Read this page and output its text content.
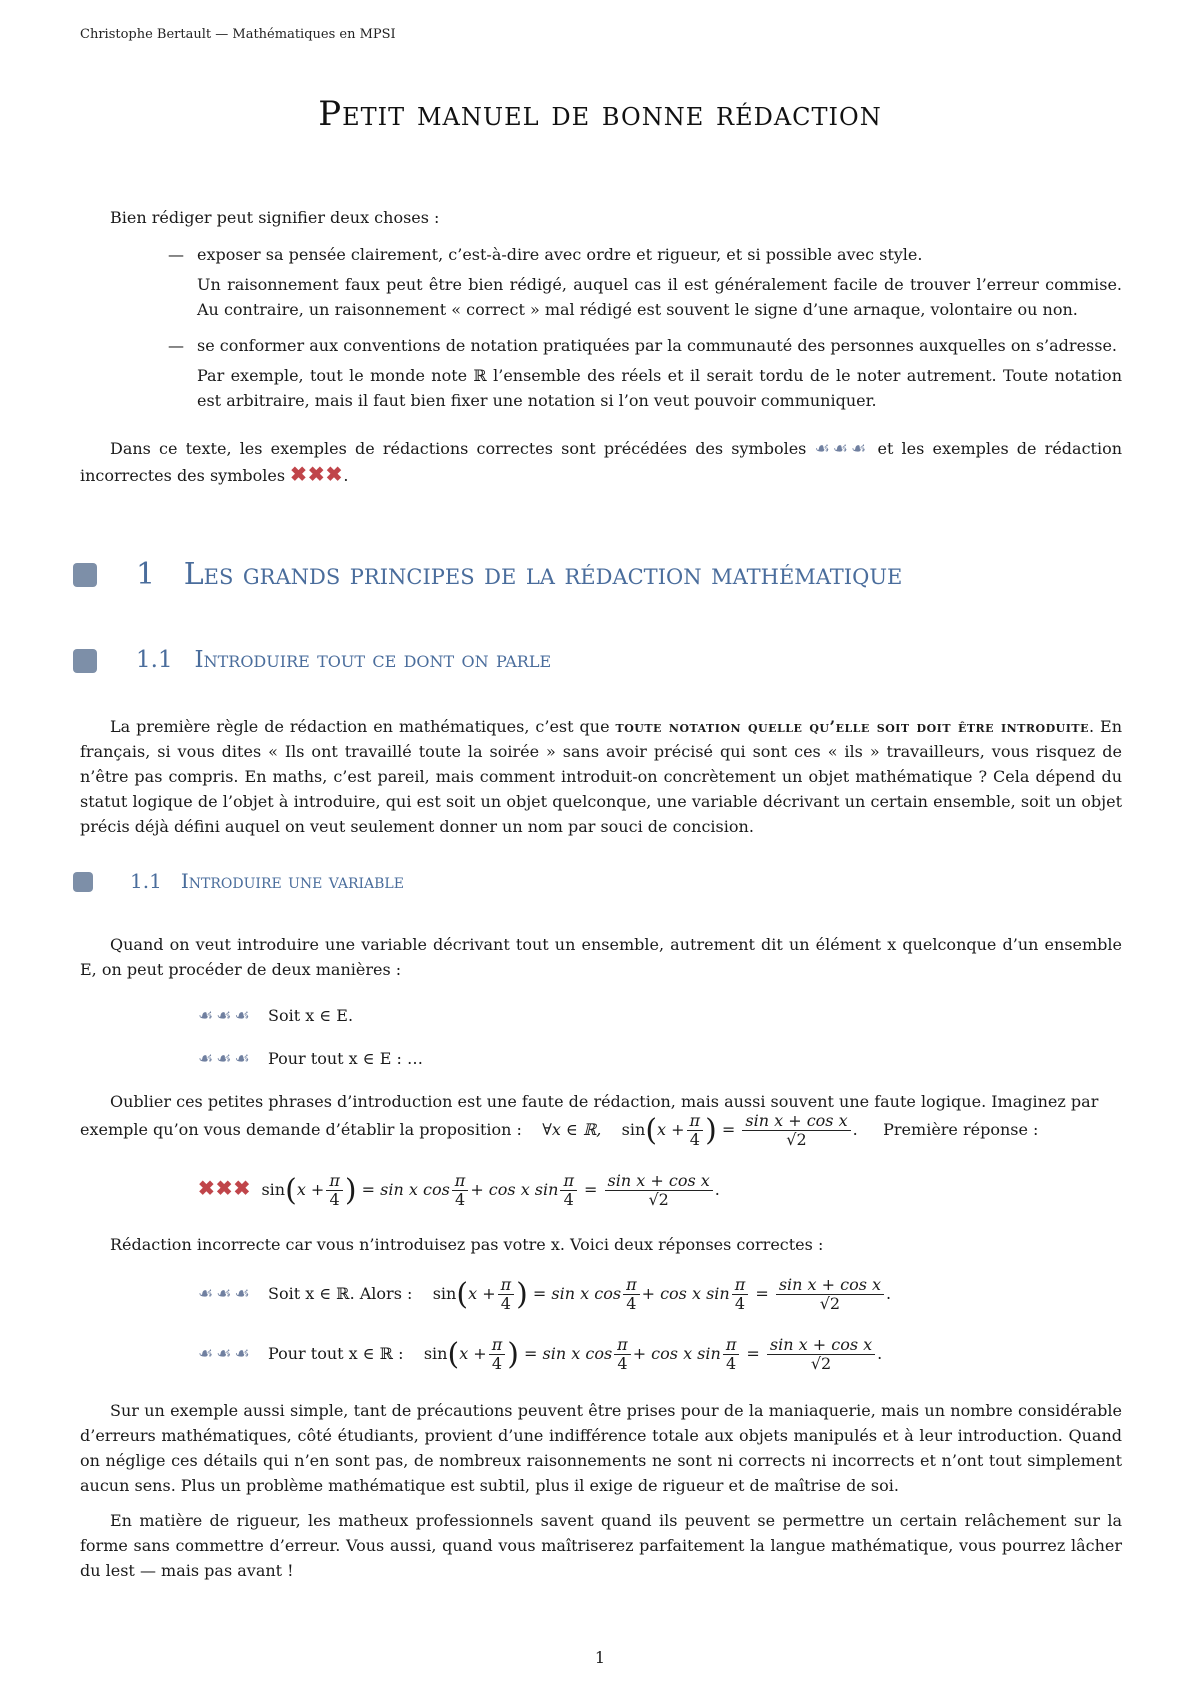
Christophe Bertault — Mathématiques en MPSI
Petit manuel de bonne rédaction
Bien rédiger peut signifier deux choses :
— exposer sa pensée clairement, c’est-à-dire avec ordre et rigueur, et si possible avec style.
Un raisonnement faux peut être bien rédigé, auquel cas il est généralement facile de trouver l’erreur commise. Au contraire, un raisonnement « correct » mal rédigé est souvent le signe d’une arnaque, volontaire ou non.
— se conformer aux conventions de notation pratiquées par la communauté des personnes auxquelles on s’adresse.
Par exemple, tout le monde note ℝ l’ensemble des réels et il serait tordu de le noter autrement. Toute notation est arbitraire, mais il faut bien fixer une notation si l’on veut pouvoir communiquer.
Dans ce texte, les exemples de rédactions correctes sont précédées des symboles ☙☙☙ et les exemples de rédaction incorrectes des symboles ✖✖✖.
1 Les grands principes de la rédaction mathématique
1.1 Introduire tout ce dont on parle
La première règle de rédaction en mathématiques, c’est que toute notation quelle qu’elle soit doit être introduite. En français, si vous dites « Ils ont travaillé toute la soirée » sans avoir précisé qui sont ces « ils » travailleurs, vous risquez de n’être pas compris. En maths, c’est pareil, mais comment introduit-on concrètement un objet mathématique ? Cela dépend du statut logique de l’objet à introduire, qui est soit un objet quelconque, une variable décrivant un certain ensemble, soit un objet précis déjà défini auquel on veut seulement donner un nom par souci de concision.
1.1 Introduire une variable
Quand on veut introduire une variable décrivant tout un ensemble, autrement dit un élément x quelconque d’un ensemble E, on peut procéder de deux manières :
☙☙☙ Soit x ∈ E.
☙☙☙ Pour tout x ∈ E : …
Oublier ces petites phrases d’introduction est une faute de rédaction, mais aussi souvent une faute logique. Imaginez par
exemple qu’on vous demande d’établir la proposition : ∀x ∈ ℝ, $\sin(x + \frac{\pi}{4}$ ) = $\frac{\text{sin x + cos x}}{√2}$ . Première réponse :
✖✖✖ $\sin(x + \frac{\pi}{4}$ ) = sin x $\cos \frac{\pi}{4} + \cos x$ $\sin \frac{\pi}{4} = \frac{\text{sin x + cos x}}{√2}$ .
Rédaction incorrecte car vous n’introduisez pas votre x. Voici deux réponses correctes :
☙☙☙ Soit x ∈ ℝ. Alors : $\sin(x + \frac{\pi}{4}$ ) = sin x $\cos \frac{\pi}{4} + \cos x$ $\sin \frac{\pi}{4} = \frac{\text{sin x + cos x}}{√2}$ .
☙☙☙ Pour tout x ∈ ℝ : $\sin(x + \frac{\pi}{4}$ ) = sin x $\cos \frac{\pi}{4} + \cos x$ $\sin \frac{\pi}{4} = \frac{\text{sin x + cos x}}{√2}$ .
Sur un exemple aussi simple, tant de précautions peuvent être prises pour de la maniaquerie, mais un nombre considérable d’erreurs mathématiques, côté étudiants, provient d’une indifférence totale aux objets manipulés et à leur introduction. Quand on néglige ces détails qui n’en sont pas, de nombreux raisonnements ne sont ni corrects ni incorrects et n’ont tout simplement aucun sens. Plus un problème mathématique est subtil, plus il exige de rigueur et de maîtrise de soi.
En matière de rigueur, les matheux professionnels savent quand ils peuvent se permettre un certain relâchement sur la forme sans commettre d’erreur. Vous aussi, quand vous maîtriserez parfaitement la langue mathématique, vous pourrez lâcher du lest — mais pas avant !
1
